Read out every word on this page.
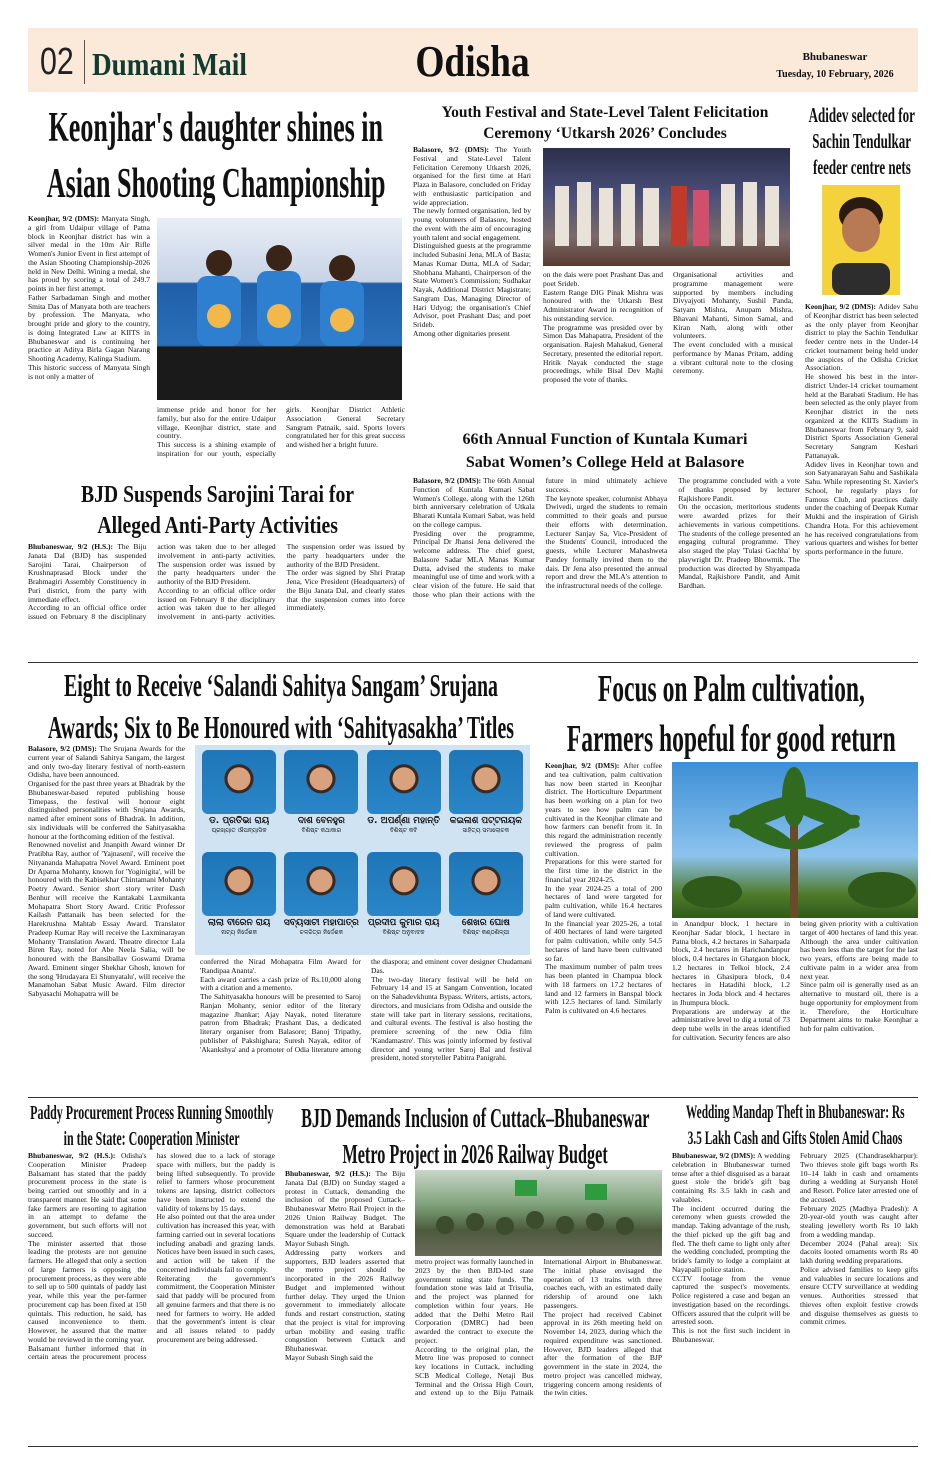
02 Dumani Mail	Odisha	Bhubaneswar
Tuesday, 10 February, 2026
Keonjhar's daughter shines in
Asian Shooting Championship

Keonjhar, 9/2 (DMS): Manyata Singh, a girl from Udaipur village of Patna block in Keonjhar district has win a silver medal in the 10m Air Rifle Women's Junior Event in first attempt of the Asian Shooting Championship-2026 held in New Delhi. Wining a medal, she has proud by scoring a total of 249.7 points in her first attempt.

Father Sarbadaman Singh and mother Smita Das of Manyata both are teachers by profession. The Manyata, who brought pride and glory to the country, is doing Integrated Law at KIITS in Bhubaneswar and is continuing her practice at Aditya Birla Gagan Narang Shooting Academy, Kalinga Stadium.

This historic success of Manyata Singh is not only a matter of

immense pride and honor for her family, but also for the entire Udaipur village, Keonjhar district, state and country.

This success is a shining example of inspiration for our youth, especially girls. Keonjhar District Athletic Association General Secretary Sangram Patnaik, said. Sports lovers congratulated her for this great success and wished her a bright future.

Youth Festival and State-Level Talent Felicitation
Ceremony ‘Utkarsh 2026’ Concludes

Balasore, 9/2 (DMS): The Youth Festival and State-Level Talent Felicitation Ceremony Utkarsh 2026, organised for the first time at Hari Plaza in Balasore, concluded on Friday with enthusiastic participation and wide appreciation.

The newly formed organisation, led by young volunteers of Balasore, hosted the event with the aim of encouraging youth talent and social engagement.

Distinguished guests at the programme included Subasini Jena, MLA of Basta; Manas Kumar Dutta, MLA of Sadar; Shobhana Mahanti, Chairperson of the State Women's Commission; Sudhakar Nayak, Additional District Magistrate; Sangram Das, Managing Director of Hari Udyog; the organisation's Chief Advisor, poet Prashant Das; and poet Srideb.

Among other dignitaries present

on the dais were poet Prashant Das and poet Srideb.

Eastern Range DIG Pinak Mishra was honoured with the Utkarsh Best Administrator Award in recognition of his outstanding service.

The programme was presided over by Simon Das Mahapatra, President of the organisation. Rajesh Mahakud, General Secretary, presented the editorial report. Hritik Nayak conducted the stage proceedings, while Bisal Dev Majhi proposed the vote of thanks.

Organisational activities and programme management were supported by members including Divyajyoti Mohanty, Sushil Panda, Satyam Mishra, Anupam Mishra, Bhavani Mahanti, Simon Samal, and Kiran Nath, along with other volunteers.

The event concluded with a musical performance by Manas Pritam, adding a vibrant cultural note to the closing ceremony.

Adidev selected for
Sachin Tendulkar
feeder centre nets

Keonjhar, 9/2 (DMS): Adidev Sahu of Keonjhar district has been selected as the only player from Keonjhar district to play the Sachin Tendulkar feeder centre nets in the Under-14 cricket tournament being held under the auspices of the Odisha Cricket Association.

He showed his best in the inter-district Under-14 cricket tournament held at the Barabati Stadium. He has been selected as the only player from Keonjhar district in the nets organized at the KIITs Stadium in Bhubaneswar from February 9, said District Sports Association General Secretary Sangram Keshari Pattanayak.

Adidev lives in Keonjhar town and son Satyanarayan Sahu and Sashikala Sahu. While representing St. Xavier's School, he regularly plays for Famous Club, and practices daily under the coaching of Deepak Kumar Mukhi and the inspiration of Girish Chandra Hota. For this achievement he has received congratulations from various quarters and wishes for better sports performance in the future.

66th Annual Function of Kuntala Kumari
Sabat Women’s College Held at Balasore

Balasore, 9/2 (DMS): The 66th Annual Function of Kuntala Kumari Sabat Women's College, along with the 126th birth anniversary celebration of Utkala Bharati Kuntala Kumari Sabat, was held on the college campus.

Presiding over the programme, Principal Dr Jhansi Jena delivered the welcome address. The chief guest, Balasore Sadar MLA Manas Kumar Dutta, advised the students to make meaningful use of time and work with a clear vision of the future. He said that those who plan their actions with the future in mind ultimately achieve success.

The keynote speaker, columnist Abhaya Dwivedi, urged the students to remain committed to their goals and pursue their efforts with determination. Lecturer Sanjay Sa, Vice-President of the Students' Council, introduced the guests, while Lecturer Mahashweta Pandey formally invited them to the dais. Dr Jena also presented the annual report and drew the MLA's attention to the infrastructural needs of the college.

The programme concluded with a vote of thanks proposed by lecturer Rajkishore Pandit.

On the occasion, meritorious students were awarded prizes for their achievements in various competitions. The students of the college presented an engaging cultural programme. They also staged the play 'Tulasi Gachha' by playwright Dr. Pradeep Bhowmik. The production was directed by Shyampada Mandal, Rajkishore Pandit, and Amit Bardhan.

BJD Suspends Sarojini Tarai for
Alleged Anti-Party Activities

Bhubaneswar, 9/2 (H.S.): The Biju Janata Dal (BJD) has suspended Sarojini Tarai, Chairperson of Krushnaprasad Block under the Brahmagiri Assembly Constituency in Puri district, from the party with immediate effect.

According to an official office order issued on February 8 the disciplinary action was taken due to her alleged involvement in anti-party activities. The suspension order was issued by the party headquarters under the authority of the BJD President.

According to an official office order issued on February 8 the disciplinary action was taken due to her alleged involvement in anti-party activities. The suspension order was issued by the party headquarters under the authority of the BJD President.

The order was signed by Shri Pratap Jena, Vice President (Headquarters) of the Biju Janata Dal, and clearly states that the suspension comes into force immediately.

Eight to Receive ‘Salandi Sahitya Sangam’ Srujana
Awards; Six to Be Honoured with ‘Sahityasakha’ Titles

Balasore, 9/2 (DMS): The Srujana Awards for the current year of Salandi Sahitya Sangam, the largest and only two-day literary festival of north-eastern Odisha, have been announced.

Organised for the past three years at Bhadrak by the Bhubaneswar-based reputed publishing house Timepass, the festival will honour eight distinguished personalities with Srujana Awards, named after eminent sons of Bhadrak. In addition, six individuals will be conferred the Sahityasakha honour at the forthcoming edition of the festival.

Renowned novelist and Jnanpith Award winner Dr Pratibha Ray, author of 'Yajnaseni', will receive the Nityananda Mahapatra Novel Award. Eminent poet Dr Aparna Mohanty, known for 'Yoginigita', will be honoured with the Kabisekhar Chintamani Mohanty Poetry Award. Senior short story writer Dash Benhur will receive the Kantakabi Laxmikanta Mohapatra Short Story Award. Critic Professor Kailash Pattanaik has been selected for the Harekrushna Mahtab Essay Award. Translator Pradeep Kumar Ray will receive the Laxminarayan Mohanty Translation Award. Theatre director Lala Biren Ray, noted for Abe Neela Salia, will be honoured with the Bansiballav Goswami Drama Award. Eminent singer Shekhar Ghosh, known for the song 'Hrudayara Ei Shunyatalu', will receive the Manamohan Sabat Music Award. Film director Sabyasachi Mohapatra will be

ଡ. ପ୍ରତିଭା ରାୟ
ପ୍ରଖ୍ୟାତ ଔପନ୍ୟାସିକ
ଦାଶ ବେନହୁର
ବିଶିଷ୍ଟ କଥାକାର
ଡ. ଅପର୍ଣ୍ଣା ମହାନ୍ତି
ବିଶିଷ୍ଟ କବି
କଇଳାଶ ପଟ୍ଟନାୟକ
ସାହିତ୍ୟ ସମାଲୋଚକ
ଲାଲା ବୀରେନ ରାୟ
ନାଟ୍ୟ ନିର୍ଦ୍ଦେଶକ
ସବ୍ୟସାଚୀ ମହାପାତ୍ର
ଚଳଚ୍ଚିତ୍ର ନିର୍ଦ୍ଦେଶକ
ପ୍ରଦୀପ କୁମାର ରାୟ
ବିଶିଷ୍ଟ ଅନୁବାଦକ
ଶେଖର ଘୋଷ
ବିଶିଷ୍ଟ କଣ୍ଠଶିଳ୍ପୀ

conferred the Nirad Mohapatra Film Award for 'Randipaa Ananta'.

Each award carries a cash prize of Rs.10,000 along with a citation and a memento.

The Sahityasakha honours will be presented to Saroj Ranjan Mohanty, senior editor of the literary magazine Jhankar; Ajay Nayak, noted literature patron from Bhadrak; Prashant Das, a dedicated literary organiser from Balasore; Banoj Tripathy, publisher of Pakshighara; Suresh Nayak, editor of 'Akankshya' and a promoter of Odia literature among the diaspora; and eminent cover designer Chudamani Das.

The two-day literary festival will be held on February 14 and 15 at Sangam Convention, located on the Sahadevkhunta Bypass. Writers, artists, actors, directors, and musicians from Odisha and outside the state will take part in literary sessions, recitations, and cultural events. The festival is also hosting the premiere screening of the new Odia film 'Kandamastre'. This was jointly informed by festival director and young writer Saroj Bal and festival president, noted storyteller Pabitra Panigrahi.

Focus on Palm cultivation,
Farmers hopeful for good return

Keonjhar, 9/2 (DMS): After coffee and tea cultivation, palm cultivation has now been started in Keonjhar district. The Horticulture Department has been working on a plan for two years to see how palm can be cultivated in the Keonjhar climate and how farmers can benefit from it. In this regard the administration recently reviewed the progress of palm cultivation.

Preparations for this were started for the first time in the district in the financial year 2024-25.

In the year 2024-25 a total of 200 hectares of land were targeted for palm cultivation, while 16.4 hectares of land were cultivated.

In the financial year 2025-26, a total of 400 hectares of land were targeted for palm cultivation, while only 54.5 hectares of land have been cultivated so far.

The maximum number of palm trees has been planted in Champua block with 18 farmers on 17.2 hectares of land and 12 farmers in Banspal block with 12.5 hectares of land. Similarly Palm is cultivated on 4.6 hectares

in Anandpur block, 1 hectare in Keonjhar Sadar block, 1 hectare in Patna block, 4.2 hectares in Saharpada block, 2.4 hectares in Harichandanpur block, 0.4 hectares in Ghatgaon block, 1.2 hectares in Telkoi block, 2.4 hectares in Ghasipura block, 0.4 hectares in Hatadihi block, 1.2 hectares in Joda block and 4 hectares in Jhumpura block.

Preparations are underway at the administrative level to dig a total of 73 deep tube wells in the areas identified for cultivation. Security fences are also being given priority with a cultivation target of 400 hectares of land this year. Although the area under cultivation has been less than the target for the last two years, efforts are being made to cultivate palm in a wider area from next year.

Since palm oil is generally used as an alternative to mustard oil, there is a huge opportunity for employment from it. Therefore, the Horticulture Department aims to make Keonjhar a hub for palm cultivation.

Paddy Procurement Process Running Smoothly
in the State: Cooperation Minister

Bhubaneswar, 9/2 (H.S.): Odisha's Cooperation Minister Pradeep Balsamant has stated that the paddy procurement process in the state is being carried out smoothly and in a transparent manner. He said that some fake farmers are resorting to agitation in an attempt to defame the government, but such efforts will not succeed.

The minister asserted that those leading the protests are not genuine farmers. He alleged that only a section of large farmers is opposing the procurement process, as they were able to sell up to 500 quintals of paddy last year, while this year the per-farmer procurement cap has been fixed at 150 quintals. This reduction, he said, has caused inconvenience to them. However, he assured that the matter would be reviewed in the coming year.

Balsamant further informed that in certain areas the procurement process has slowed due to a lack of storage space with millers, but the paddy is being lifted subsequently. To provide relief to farmers whose procurement tokens are lapsing, district collectors have been instructed to extend the validity of tokens by 15 days.

He also pointed out that the area under cultivation has increased this year, with farming carried out in several locations including anabadi and grazing lands. Notices have been issued in such cases, and action will be taken if the concerned individuals fail to comply.

Reiterating the government's commitment, the Cooperation Minister said that paddy will be procured from all genuine farmers and that there is no need for farmers to worry. He added that the government's intent is clear and all issues related to paddy procurement are being addressed.

BJD Demands Inclusion of Cuttack–Bhubaneswar
Metro Project in 2026 Railway Budget

Bhubaneswar, 9/2 (H.S.): The Biju Janata Dal (BJD) on Sunday staged a protest in Cuttack, demanding the inclusion of the proposed Cuttack–Bhubaneswar Metro Rail Project in the 2026 Union Railway Budget. The demonstration was held at Barabati Square under the leadership of Cuttack Mayor Subash Singh.

Addressing party workers and supporters, BJD leaders asserted that the metro project should be incorporated in the 2026 Railway Budget and implemented without further delay. They urged the Union government to immediately allocate funds and restart construction, stating that the project is vital for improving urban mobility and easing traffic congestion between Cuttack and Bhubaneswar.

Mayor Subash Singh said the

metro project was formally launched in 2023 by the then BJD-led state government using state funds. The foundation stone was laid at Trisulia, and the project was planned for completion within four years. He added that the Delhi Metro Rail Corporation (DMRC) had been awarded the contract to execute the project.

According to the original plan, the Metro line was proposed to connect key locations in Cuttack, including SCB Medical College, Netaji Bus Terminal and the Orissa High Court, and extend up to the Biju Patnaik International Airport in Bhubaneswar. The initial phase envisaged the operation of 13 trains with three coaches each, with an estimated daily ridership of around one lakh passengers.

The project had received Cabinet approval in its 26th meeting held on November 14, 2023, during which the required expenditure was sanctioned. However, BJD leaders alleged that after the formation of the BJP government in the state in 2024, the metro project was cancelled midway, triggering concern among residents of the twin cities.

Wedding Mandap Theft in Bhubaneswar: Rs
3.5 Lakh Cash and Gifts Stolen Amid Chaos

Bhubaneswar, 9/2 (DMS): A wedding celebration in Bhubaneswar turned tense after a thief disguised as a baraat guest stole the bride's gift bag containing Rs 3.5 lakh in cash and valuables.

The incident occurred during the ceremony when guests crowded the mandap. Taking advantage of the rush, the thief picked up the gift bag and fled. The theft came to light only after the wedding concluded, prompting the bride's family to lodge a complaint at Nayapalli police station.

CCTV footage from the venue captured the suspect's movements. Police registered a case and began an investigation based on the recordings. Officers assured that the culprit will be arrested soon.

This is not the first such incident in Bhubaneswar.

February 2025 (Chandrasekharpur): Two thieves stole gift bags worth Rs 10–14 lakh in cash and ornaments during a wedding at Suryansh Hotel and Resort. Police later arrested one of the accused.

February 2025 (Madhya Pradesh): A 20-year-old youth was caught after stealing jewellery worth Rs 10 lakh from a wedding mandap.

December 2024 (Pahal area): Six dacoits looted ornaments worth Rs 40 lakh during wedding preparations.

Police advised families to keep gifts and valuables in secure locations and ensure CCTV surveillance at wedding venues. Authorities stressed that thieves often exploit festive crowds and disguise themselves as guests to commit crimes.
